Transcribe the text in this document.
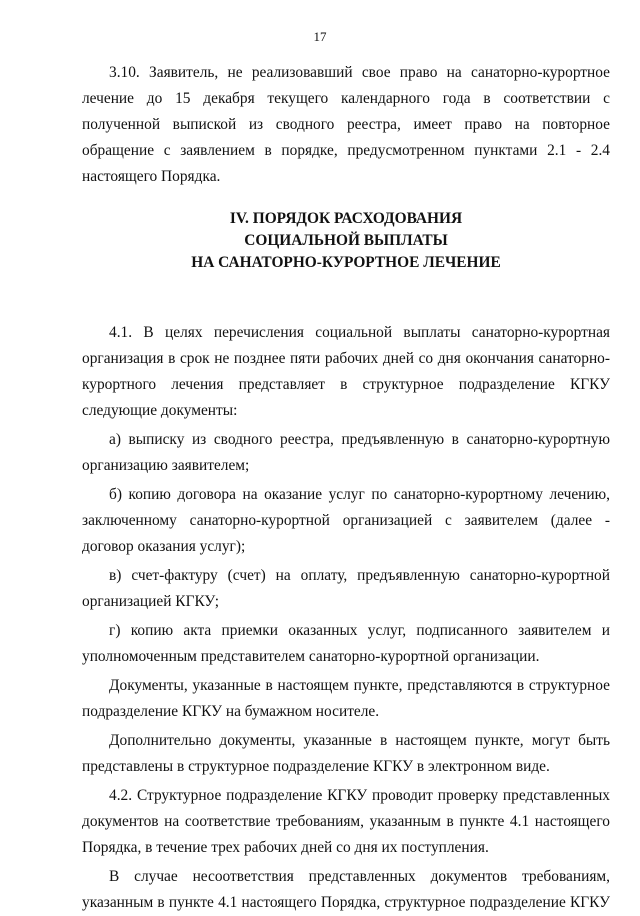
17

3.10. Заявитель, не реализовавший свое право на санаторно-курортное лечение до 15 декабря текущего календарного года в соответствии с полученной выпиской из сводного реестра, имеет право на повторное обращение с заявлением в порядке, предусмотренном пунктами 2.1 - 2.4 настоящего Порядка.

IV. ПОРЯДОК РАСХОДОВАНИЯ
СОЦИАЛЬНОЙ ВЫПЛАТЫ
НА САНАТОРНО-КУРОРТНОЕ ЛЕЧЕНИЕ

4.1. В целях перечисления социальной выплаты санаторно-курортная организация в срок не позднее пяти рабочих дней со дня окончания санаторно-курортного лечения представляет в структурное подразделение КГКУ следующие документы:

а) выписку из сводного реестра, предъявленную в санаторно-курортную организацию заявителем;

б) копию договора на оказание услуг по санаторно-курортному лечению, заключенному санаторно-курортной организацией с заявителем (далее - договор оказания услуг);

в) счет-фактуру (счет) на оплату, предъявленную санаторно-курортной организацией КГКУ;

г) копию акта приемки оказанных услуг, подписанного заявителем и уполномоченным представителем санаторно-курортной организации.

Документы, указанные в настоящем пункте, представляются в структурное подразделение КГКУ на бумажном носителе.

Дополнительно документы, указанные в настоящем пункте, могут быть представлены в структурное подразделение КГКУ в электронном виде.

4.2. Структурное подразделение КГКУ проводит проверку представленных документов на соответствие требованиям, указанным в пункте 4.1 настоящего Порядка, в течение трех рабочих дней со дня их поступления.

В случае несоответствия представленных документов требованиям, указанным в пункте 4.1 настоящего Порядка, структурное подразделение КГКУ
